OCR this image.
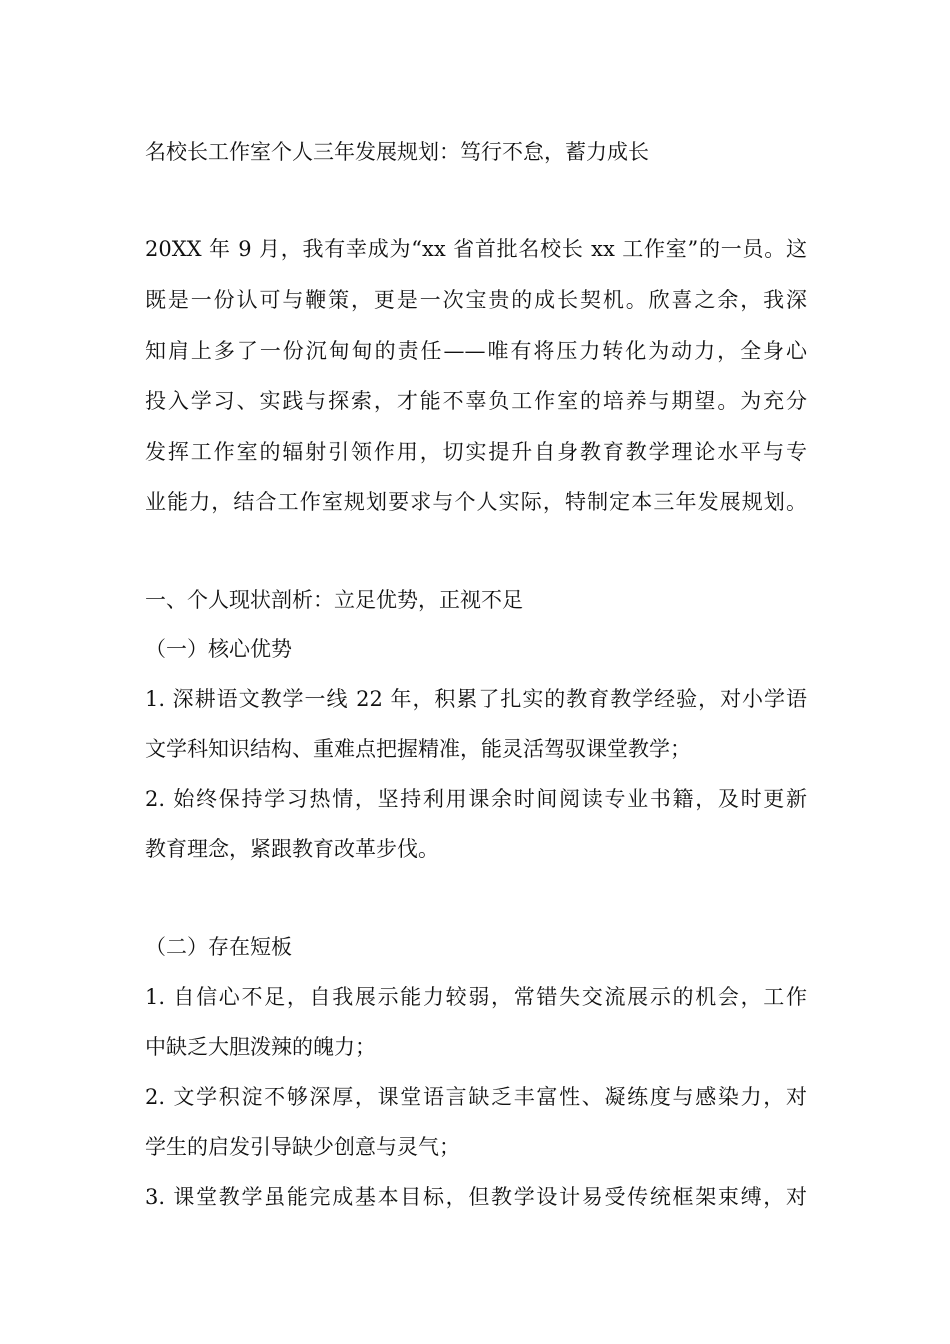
名校长工作室个人三年发展规划：笃行不怠，蓄力成长
20XX 年 9 月，我有幸成为“xx 省首批名校长 xx 工作室”的一员。这
既是一份认可与鞭策，更是一次宝贵的成长契机。欣喜之余，我深
知肩上多了一份沉甸甸的责任——唯有将压力转化为动力，全身心
投入学习、实践与探索，才能不辜负工作室的培养与期望。为充分
发挥工作室的辐射引领作用，切实提升自身教育教学理论水平与专
业能力，结合工作室规划要求与个人实际，特制定本三年发展规划。
一、个人现状剖析：立足优势，正视不足
（一）核心优势
1. 深耕语文教学一线 22 年，积累了扎实的教育教学经验，对小学语
文学科知识结构、重难点把握精准，能灵活驾驭课堂教学；
2. 始终保持学习热情，坚持利用课余时间阅读专业书籍，及时更新
教育理念，紧跟教育改革步伐。
（二）存在短板
1. 自信心不足，自我展示能力较弱，常错失交流展示的机会，工作
中缺乏大胆泼辣的魄力；
2. 文学积淀不够深厚，课堂语言缺乏丰富性、凝练度与感染力，对
学生的启发引导缺少创意与灵气；
3. 课堂教学虽能完成基本目标，但教学设计易受传统框架束缚，对
